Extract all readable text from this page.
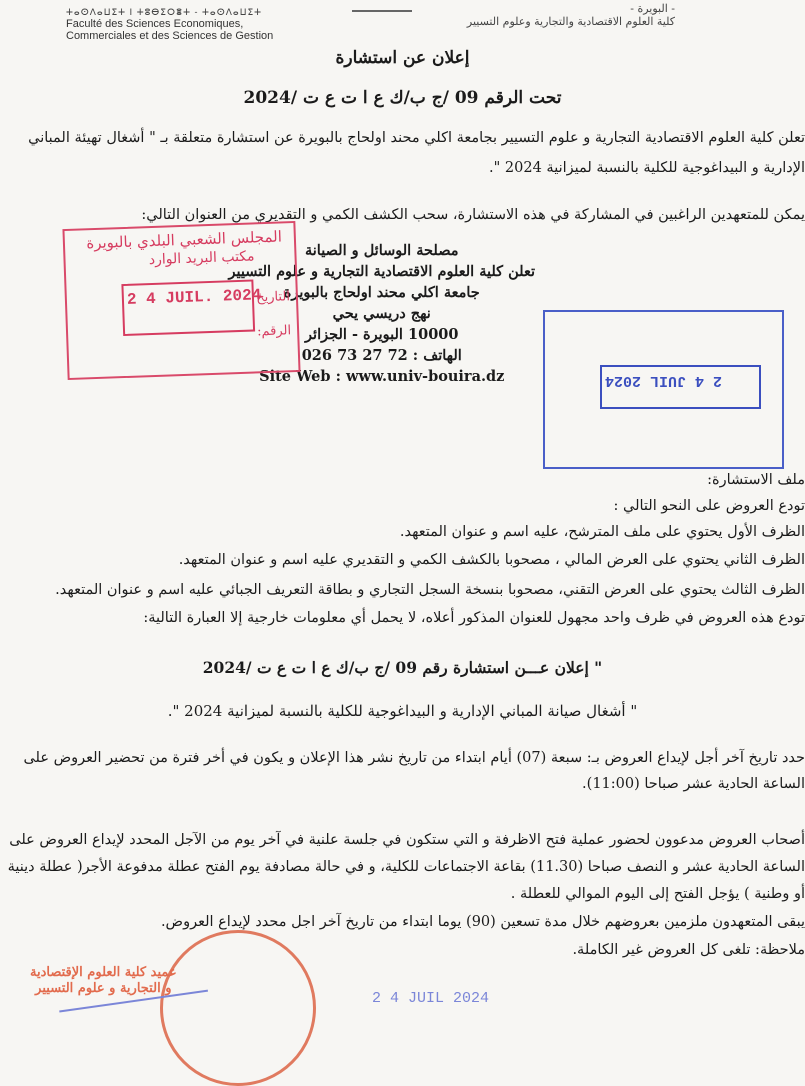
ⵜⴰⵙⴷⴰⵡⵉⵜ ⵏ ⵜⵓⴱⵉⵔⴻⵜ - ⵜⴰⵙⴷⴰⵡⵉⵜ
Faculté des Sciences Economiques,
Commerciales et des Sciences de Gestion
- البويرة -
كلية العلوم الاقتصادية والتجارية وعلوم التسيير
إعلان عن استشارة
تحت الرقم 09 /ج ب/ك ع ا ت ع ت /2024
تعلن كلية العلوم الاقتصادية التجارية و علوم التسيير بجامعة اكلي محند اولحاج بالبويرة عن استشارة متعلقة بـ " أشغال تهيئة المباني
الإدارية و البيداغوجية للكلية بالنسبة لميزانية 2024 ".
يمكن للمتعهدين الراغبين في المشاركة في هذه الاستشارة، سحب الكشف الكمي و التقديري من العنوان التالي:
مصلحة الوسائل و الصيانة
تعلن كلية العلوم الاقتصادية التجارية و علوم التسيير
جامعة اكلي محند اولحاج بالبويرة
نهج دريسي يحي
10000 البويرة - الجزائر
الهاتف : 72 27 73 026
Site Web : www.univ-bouira.dz
المجلس الشعبي البلدي بالبويرة
مكتب البريد الوارد
التاريخ
2 4 JUIL. 2024
الرقم:
2 4 JUIL 2024
ملف الاستشارة:
تودع العروض على النحو التالي :
الظرف الأول يحتوي على ملف المترشح، عليه اسم و عنوان المتعهد.
الظرف الثاني يحتوي على العرض المالي ، مصحوبا بالكشف الكمي و التقديري عليه اسم و عنوان المتعهد.
الظرف الثالث يحتوي على العرض التقني، مصحوبا بنسخة السجل التجاري و بطاقة التعريف الجبائي عليه اسم و عنوان المتعهد.
تودع هذه العروض في ظرف واحد مجهول للعنوان المذكور أعلاه، لا يحمل أي معلومات خارجية إلا العبارة التالية:
" إعلان عـــن استشارة رقم 09 /ج ب/ك ع ا ت ع ت /2024
" أشغال صيانة المباني الإدارية و البيداغوجية للكلية بالنسبة لميزانية 2024 ".
حدد تاريخ آخر أجل لإيداع العروض بـ: سبعة (07) أيام ابتداء من تاريخ نشر هذا الإعلان و يكون في أخر فترة من تحضير العروض على
الساعة الحادية عشر صباحا (11:00).
أصحاب العروض مدعوون لحضور عملية فتح الاظرفة و التي ستكون في جلسة علنية في آخر يوم من الآجل المحدد لإيداع العروض على
الساعة الحادية عشر و النصف صباحا (11.30) بقاعة الاجتماعات للكلية، و في حالة مصادفة يوم الفتح عطلة مدفوعة الأجر( عطلة دينية
أو وطنية ) يؤجل الفتح إلى اليوم الموالي للعطلة .
يبقى المتعهدون ملزمين بعروضهم خلال مدة تسعين (90) يوما ابتداء من تاريخ آخر اجل محدد لإيداع العروض.
ملاحظة: تلغى كل العروض غير الكاملة.
عميد كلية العلوم الإقتصادية
و التجارية و علوم التسيير
2 4 JUIL 2024
